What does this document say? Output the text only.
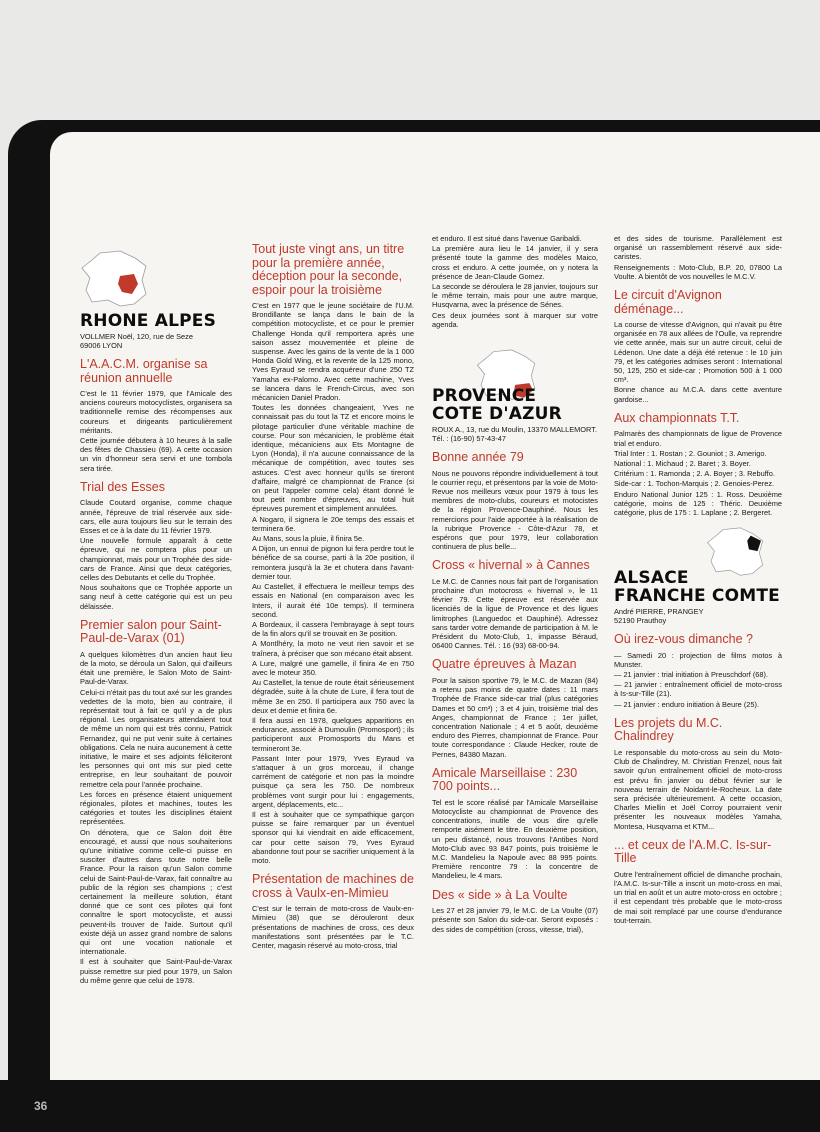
36
RHONE ALPES
VOLLMER Noël, 120, rue de Seze
69006 LYON
L'A.A.C.M. organise sa réunion annuelle

C'est le 11 février 1979, que l'Amicale des anciens coureurs motocyclistes, organisera sa traditionnelle remise des récompenses aux coureurs et dirigeants particulièrement méritants.

Cette journée débutera à 10 heures à la salle des fêtes de Chassieu (69). A cette occasion un vin d'honneur sera servi et une tombola sera tirée.

Trial des Esses

Claude Coutard organise, comme chaque année, l'épreuve de trial réservée aux side-cars, elle aura toujours lieu sur le terrain des Esses et ce à la date du 11 février 1979.

Une nouvelle formule apparaît à cette épreuve, qui ne comptera plus pour un championnat, mais pour un Trophée des side-cars de France. Ainsi que deux catégories, celles des Debutants et celle du Trophée.

Nous souhaitons que ce Trophée apporte un sang neuf à cette catégorie qui est un peu délaissée.

Premier salon pour Saint-Paul-de-Varax (01)

A quelques kilomètres d'un ancien haut lieu de la moto, se déroula un Salon, qui d'ailleurs était une première, le Salon Moto de Saint-Paul-de-Varax.

Celui-ci n'était pas du tout axé sur les grandes vedettes de la moto, bien au contraire, il représentait tout à fait ce qu'il y a de plus régional. Les organisateurs attendaient tout de même un nom qui est très connu, Patrick Fernandez, qui ne put venir suite à certaines obligations. Cela ne nuira aucunement à cette initiative, le maire et ses adjoints féliciteront les personnes qui ont mis sur pied cette entreprise, en leur souhaitant de pouvoir remettre cela pour l'année prochaine.

Les forces en présence étaient uniquement régionales, pilotes et machines, toutes les catégories et toutes les disciplines étaient représentées.

On dénotera, que ce Salon doit être encouragé, et aussi que nous souhaiterions qu'une initiative comme celle-ci puisse en susciter d'autres dans toute notre belle France. Pour la raison qu'un Salon comme celui de Saint-Paul-de-Varax, fait connaître au public de la région ses champions ; c'est certainement la meilleure solution, étant donné que ce sont ces pilotes qui font connaître le sport motocycliste, et aussi peuvent-ils trouver de l'aide. Surtout qu'il existe déjà un assez grand nombre de salons qui ont une vocation nationale et internationale.

Il est à souhaiter que Saint-Paul-de-Varax puisse remettre sur pied pour 1979, un Salon du même genre que celui de 1978.

Tout juste vingt ans, un titre pour la première année, déception pour la seconde, espoir pour la troisième

C'est en 1977 que le jeune sociétaire de l'U.M. Brondillante se lança dans le bain de la compétition motocycliste, et ce pour le premier Challenge Honda qu'il remportera après une saison assez mouvementée et pleine de suspense. Avec les gains de la vente de la 1 000 Honda Gold Wing, et la revente de la 125 mono, Yves Eyraud se rendra acquéreur d'une 250 TZ Yamaha ex-Palomo. Avec cette machine, Yves se lancera dans le French-Circus, avec son mécanicien Daniel Pradon.

Toutes les données changeaient, Yves ne connaissait pas du tout la TZ et encore moins le pilotage particulier d'une véritable machine de course. Pour son mécanicien, le problème était identique, mécaniciens aux Ets Montagne de Lyon (Honda), il n'a aucune connaissance de la mécanique de compétition, avec toutes ses astuces. C'est avec honneur qu'ils se tireront d'affaire, malgré ce championnat de France (si on peut l'appeler comme cela) étant donné le tout petit nombre d'épreuves, au total huit épreuves purement et simplement annulées.

A Nogaro, il signera le 20e temps des essais et terminera 6e.

Au Mans, sous la pluie, il finira 5e.

A Dijon, un ennui de pignon lui fera perdre tout le bénéfice de sa course, parti à la 20e position, il remontera jusqu'à la 3e et chutera dans l'avant-dernier tour.

Au Castellet, il effectuera le meilleur temps des essais en National (en comparaison avec les Inters, il aurait été 10e temps). Il terminera second.

A Bordeaux, il cassera l'embrayage à sept tours de la fin alors qu'il se trouvait en 3e position.

A Montlhéry, la moto ne veut rien savoir et se traînera, à préciser que son mécano était absent.

A Lure, malgré une gamelle, il finira 4e en 750 avec le moteur 350.

Au Castellet, la tenue de route était sérieusement dégradée, suite à la chute de Lure, il fera tout de même 3e en 250. Il participera aux 750 avec la deux et demie et finira 6e.

Il fera aussi en 1978, quelques apparitions en endurance, associé à Dumoulin (Promosport) ; ils participeront aux Promosports du Mans et termineront 3e.

Passant Inter pour 1979, Yves Eyraud va s'attaquer à un gros morceau, il change carrément de catégorie et non pas la moindre puisque ça sera les 750. De nombreux problèmes vont surgir pour lui : engagements, argent, déplacements, etc...

Il est à souhaiter que ce sympathique garçon puisse se faire remarquer par un éventuel sponsor qui lui viendrait en aide efficacement, car pour cette saison 79, Yves Eyraud abandonne tout pour se sacrifier uniquement à la moto.

Présentation de machines de cross à Vaulx-en-Mimieu

C'est sur le terrain de moto-cross de Vaulx-en-Mimieu (38) que se dérouleront deux présentations de machines de cross, ces deux manifestations sont présentées par le T.C. Center, magasin réservé au moto-cross, trial

et enduro. Il est situé dans l'avenue Garibaldi.

La première aura lieu le 14 janvier, il y sera présenté toute la gamme des modèles Maico, cross et enduro. A cette journée, on y notera la présence de Jean-Claude Gomez.

La seconde se déroulera le 28 janvier, toujours sur le même terrain, mais pour une autre marque, Husqvarna, avec la présence de Sénes.

Ces deux journées sont à marquer sur votre agenda.

PROVENCE
COTE D'AZUR
ROUX A., 13, rue du Moulin, 13370 MALLEMORT. Tél. : (16-90) 57-43-47
Bonne année 79

Nous ne pouvons répondre individuellement à tout le courrier reçu, et présentons par la voie de Moto-Revue nos meilleurs vœux pour 1979 à tous les membres de moto-clubs, coureurs et motocistes de la région Provence-Dauphiné. Nous les remercions pour l'aide apportée à la réalisation de la rubrique Provence - Côte-d'Azur 78, et espérons que pour 1979, leur collaboration continuera de plus belle...

Cross « hivernal » à Cannes

Le M.C. de Cannes nous fait part de l'organisation prochaine d'un motocross « hivernal », le 11 février 79. Cette épreuve est réservée aux licenciés de la ligue de Provence et des ligues limitrophes (Languedoc et Dauphiné). Adressez sans tarder votre demande de participation à M. le Président du Moto-Club, 1, impasse Béraud, 06400 Cannes. Tél. : 16 (93) 68-00-94.

Quatre épreuves à Mazan

Pour la saison sportive 79, le M.C. de Mazan (84) a retenu pas moins de quatre dates : 11 mars Trophée de France side-car trial (plus catégories Dames et 50 cm³) ; 3 et 4 juin, troisième trial des Anges, championnat de France ; 1er juillet, concentration Nationale ; 4 et 5 août, deuxième enduro des Pierres, championnat de France. Pour toute correspondance : Claude Hecker, route de Pernes, 84380 Mazan.

Amicale Marseillaise : 230 700 points...

Tel est le score réalisé par l'Amicale Marseillaise Motocycliste au championnat de Provence des concentrations, inutile de vous dire qu'elle remporte aisément le titre. En deuxième position, un peu distancé, nous trouvons l'Antibes Nord Moto-Club avec 93 847 points, puis troisième le M.C. Mandelieu la Napoule avec 88 995 points. Première rencontre 79 : la concentre de Mandelieu, le 4 mars.

Des « side » à La Voulte

Les 27 et 28 janvier 79, le M.C. de La Voulte (07) présente son Salon du side-car. Seront exposés : des sides de compétition (cross, vitesse, trial),

et des sides de tourisme. Parallèlement est organisé un rassemblement réservé aux side-caristes.

Renseignements : Moto-Club, B.P. 20, 07800 La Voulte. A bientôt de vos nouvelles le M.C.V.

Le circuit d'Avignon déménage...

La course de vitesse d'Avignon, qui n'avait pu être organisée en 78 aux allées de l'Oulle, va reprendre vie cette année, mais sur un autre circuit, celui de Lédenon. Une date a déjà été retenue : le 10 juin 79, et les catégories admises seront : International 50, 125, 250 et side-car ; Promotion 500 à 1 000 cm³.

Bonne chance au M.C.A. dans cette aventure gardoise...

Aux championnats T.T.

Palmarès des championnats de ligue de Provence trial et enduro.

Trial Inter : 1. Rostan ; 2. Gouniot ; 3. Amerigo.

National : 1. Michaud ; 2. Baret ; 3. Boyer.

Critérium : 1. Ramonda ; 2. A. Boyer ; 3. Rebuffo.

Side-car : 1. Tochon-Marquis ; 2. Genoies-Perez.

Enduro National Junior 125 : 1. Ross. Deuxième catégorie, moins de 125 : Théric. Deuxième catégorie, plus de 175 : 1. Laplane ; 2. Bergeret.

ALSACE
FRANCHE COMTE
André PIERRE, PRANGEY
52190 Prauthoy
Où irez-vous dimanche ?

— Samedi 20 : projection de films motos à Munster.

— 21 janvier : trial initiation à Preuschdorf (68).

— 21 janvier : entraînement officiel de moto-cross à Is-sur-Tille (21).

— 21 janvier : enduro initiation à Beure (25).

Les projets du M.C. Chalindrey

Le responsable du moto-cross au sein du Moto-Club de Chalindrey, M. Christian Frenzel, nous fait savoir qu'un entraînement officiel de moto-cross est prévu fin janvier ou début février sur le nouveau terrain de Noidant-le-Rocheux. La date sera précisée ultérieurement. A cette occasion, Charles Miellin et Joël Corroy pourraient venir présenter les nouveaux modèles Yamaha, Montesa, Husqvarna et KTM...

... et ceux de l'A.M.C. Is-sur-Tille

Outre l'entraînement officiel de dimanche prochain, l'A.M.C. Is-sur-Tille a inscrit un moto-cross en mai, un trial en août et un autre moto-cross en octobre ; il est cependant très probable que le moto-cross de mai soit remplacé par une course d'endurance tout-terrain.
